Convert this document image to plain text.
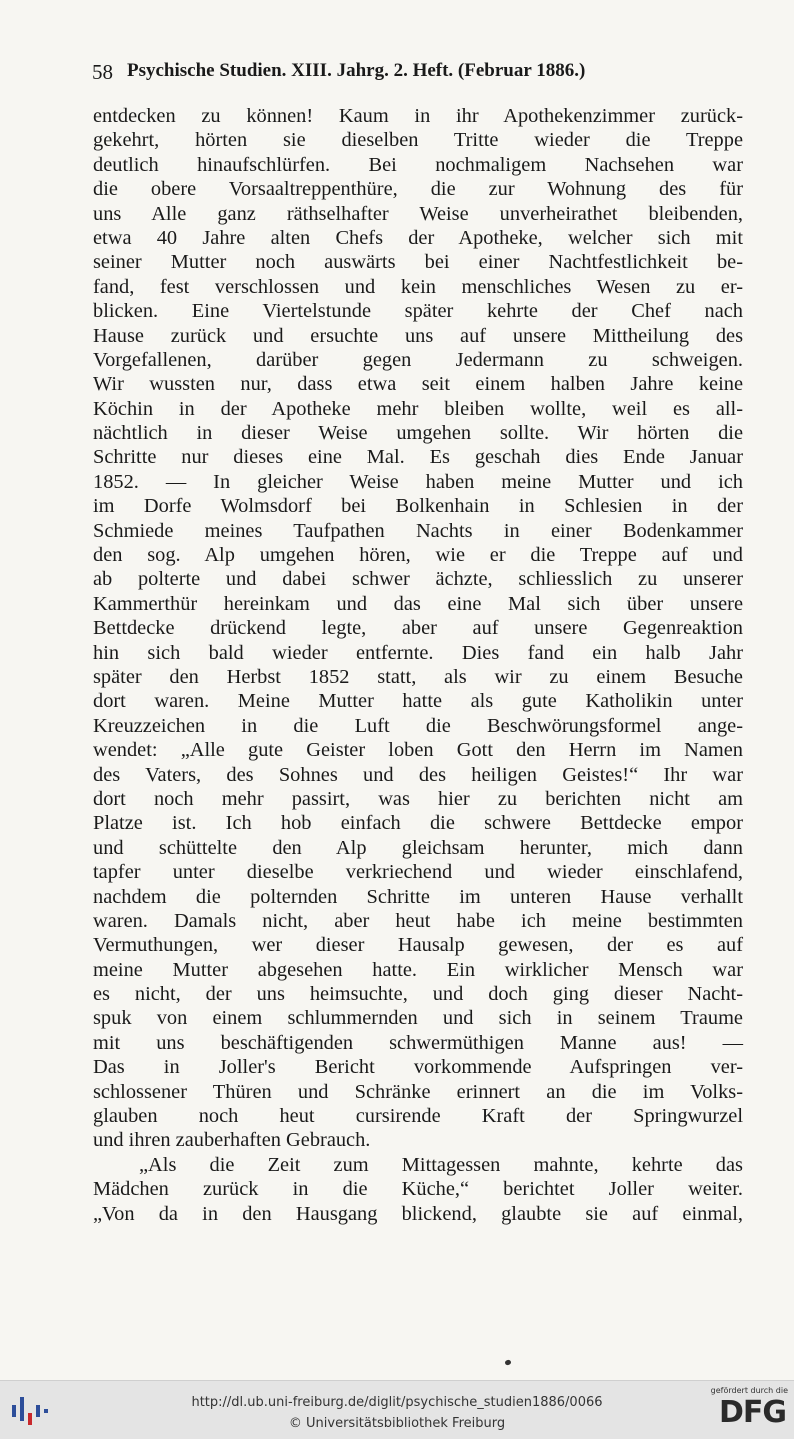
58 Psychische Studien. XIII. Jahrg. 2. Heft. (Februar 1886.)
entdecken zu können! Kaum in ihr Apothekenzimmer zurück-
gekehrt, hörten sie dieselben Tritte wieder die Treppe
deutlich hinaufschlürfen. Bei nochmaligem Nachsehen war
die obere Vorsaaltreppenthüre, die zur Wohnung des für
uns Alle ganz räthselhafter Weise unverheirathet bleibenden,
etwa 40 Jahre alten Chefs der Apotheke, welcher sich mit
seiner Mutter noch auswärts bei einer Nachtfestlichkeit be-
fand, fest verschlossen und kein menschliches Wesen zu er-
blicken. Eine Viertelstunde später kehrte der Chef nach
Hause zurück und ersuchte uns auf unsere Mittheilung des
Vorgefallenen, darüber gegen Jedermann zu schweigen.
Wir wussten nur, dass etwa seit einem halben Jahre keine
Köchin in der Apotheke mehr bleiben wollte, weil es all-
nächtlich in dieser Weise umgehen sollte. Wir hörten die
Schritte nur dieses eine Mal. Es geschah dies Ende Januar
1852. — In gleicher Weise haben meine Mutter und ich
im Dorfe Wolmsdorf bei Bolkenhain in Schlesien in der
Schmiede meines Taufpathen Nachts in einer Bodenkammer
den sog. Alp umgehen hören, wie er die Treppe auf und
ab polterte und dabei schwer ächzte, schliesslich zu unserer
Kammerthür hereinkam und das eine Mal sich über unsere
Bettdecke drückend legte, aber auf unsere Gegenreaktion
hin sich bald wieder entfernte. Dies fand ein halb Jahr
später den Herbst 1852 statt, als wir zu einem Besuche
dort waren. Meine Mutter hatte als gute Katholikin unter
Kreuzzeichen in die Luft die Beschwörungsformel ange-
wendet: „Alle gute Geister loben Gott den Herrn im Namen
des Vaters, des Sohnes und des heiligen Geistes!“ Ihr war
dort noch mehr passirt, was hier zu berichten nicht am
Platze ist. Ich hob einfach die schwere Bettdecke empor
und schüttelte den Alp gleichsam herunter, mich dann
tapfer unter dieselbe verkriechend und wieder einschlafend,
nachdem die polternden Schritte im unteren Hause verhallt
waren. Damals nicht, aber heut habe ich meine bestimmten
Vermuthungen, wer dieser Hausalp gewesen, der es auf
meine Mutter abgesehen hatte. Ein wirklicher Mensch war
es nicht, der uns heimsuchte, und doch ging dieser Nacht-
spuk von einem schlummernden und sich in seinem Traume
mit uns beschäftigenden schwermüthigen Manne aus! —
Das in Joller's Bericht vorkommende Aufspringen ver-
schlossener Thüren und Schränke erinnert an die im Volks-
glauben noch heut cursirende Kraft der Springwurzel
und ihren zauberhaften Gebrauch.
„Als die Zeit zum Mittagessen mahnte, kehrte das
Mädchen zurück in die Küche,“ berichtet Joller weiter.
„Von da in den Hausgang blickend, glaubte sie auf einmal,
http://dl.ub.uni-freiburg.de/diglit/psychische_studien1886/0066
© Universitätsbibliothek Freiburg
gefördert durch die
DFG
